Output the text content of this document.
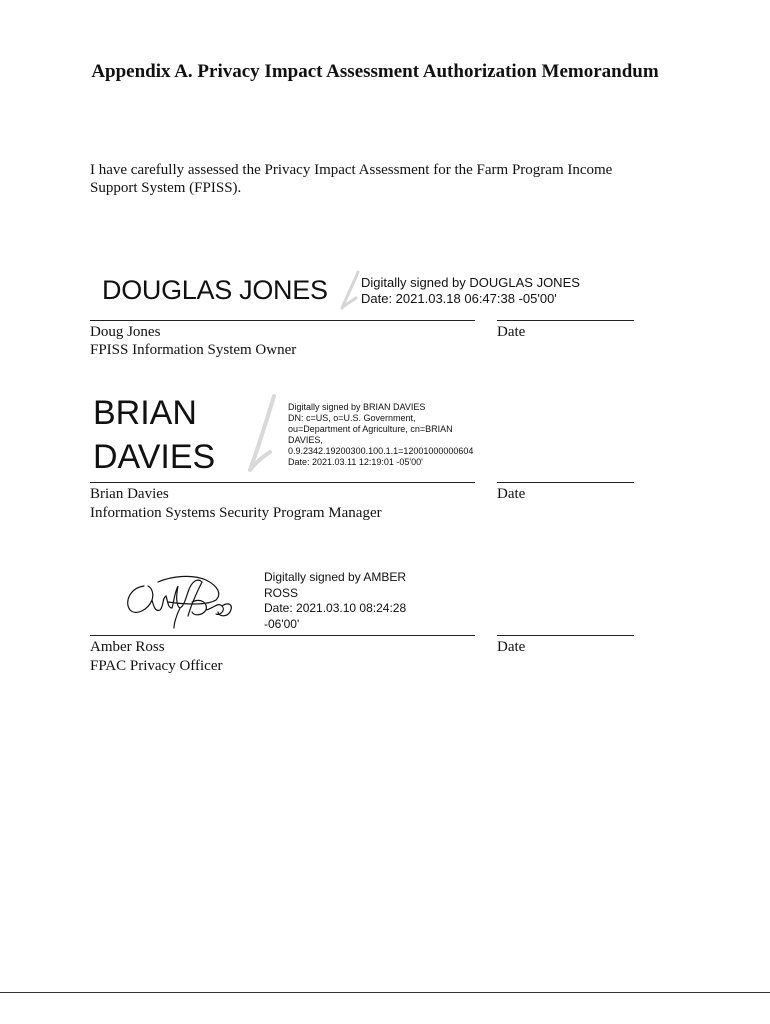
Appendix A. Privacy Impact Assessment Authorization Memorandum
I have carefully assessed the Privacy Impact Assessment for the Farm Program Income Support System (FPISS).
DOUGLAS JONES	Digitally signed by DOUGLAS JONES
Date: 2021.03.18 06:47:38 -05'00'
Doug Jones
FPISS Information System Owner
Date
BRIAN
DAVIES
Digitally signed by BRIAN DAVIES
DN: c=US, o=U.S. Government,
ou=Department of Agriculture, cn=BRIAN
DAVIES,
0.9.2342.19200300.100.1.1=12001000000604
Date: 2021.03.11 12:19:01 -05'00'
Brian Davies
Information Systems Security Program Manager
Date
Digitally signed by AMBER
ROSS
Date: 2021.03.10 08:24:28
-06'00'
Amber Ross
FPAC Privacy Officer
Date
